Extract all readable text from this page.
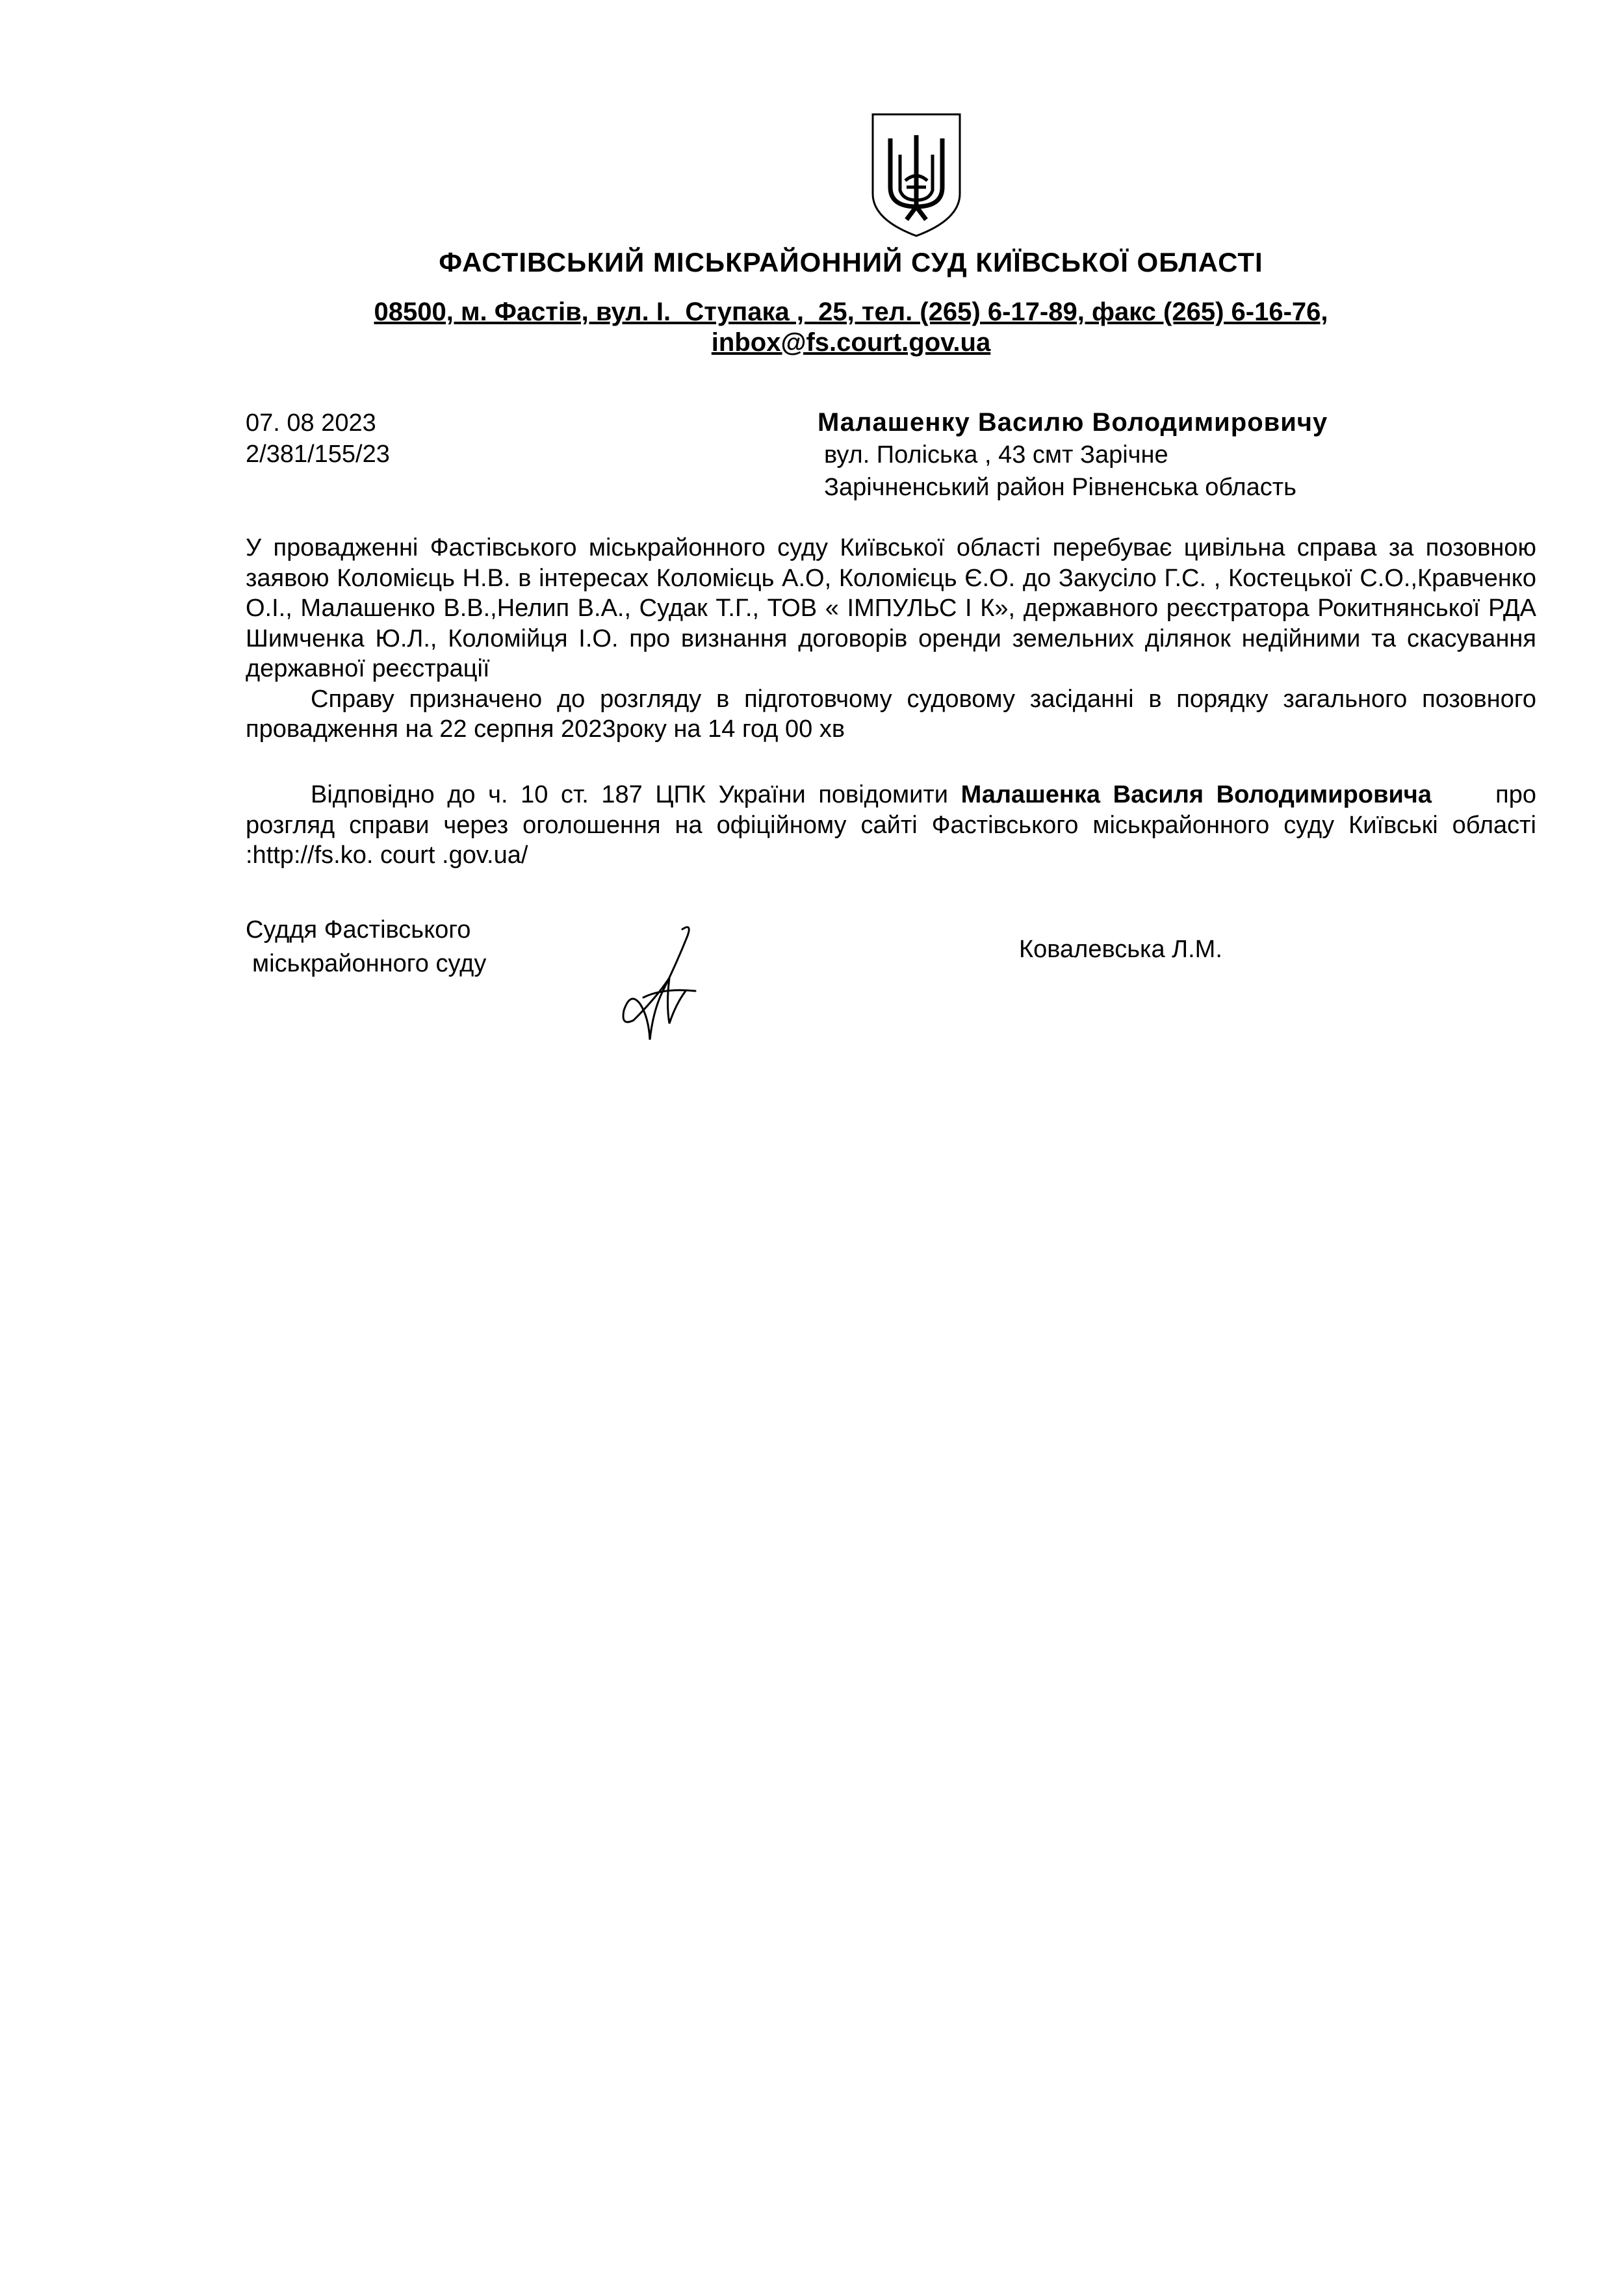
ФАСТІВСЬКИЙ МІСЬКРАЙОННИЙ СУД КИЇВСЬКОЇ ОБЛАСТІ
08500, м. Фастів, вул. І.  Ступака ,  25, тел. (265) 6-17-89, факс (265) 6-16-76,
inbox@fs.court.gov.ua
07. 08 2023
2/381/155/23
Малашенку Василю Володимировичу
вул. Поліська , 43 смт Зарічне
Зарічненський район Рівненська область

У провадженні Фастівського міськрайонного суду Київської області перебуває цивільна справа за позовною заявою Коломієць Н.В. в інтересах Коломієць А.О, Коломієць Є.О. до Закусіло Г.С. , Костецької С.О.,Кравченко О.І., Малашенко В.В.,Нелип В.А., Судак Т.Г., ТОВ « ІМПУЛЬС І К», державного реєстратора Рокитнянської РДА Шимченка Ю.Л., Коломійця І.О. про визнання договорів оренди земельних ділянок недійними та скасування державної реєстрації

Справу призначено до розгляду в підготовчому судовому засіданні в порядку загального позовного провадження на 22 серпня 2023року на 14 год 00 хв

Відповідно до ч. 10 ст. 187 ЦПК України повідомити Малашенка Василя Володимировича	про розгляд справи через оголошення на офіційному сайті Фастівського міськрайонного суду Київські області :http://fs.ko. court .gov.ua/

Суддя Фастівського
міськрайонного суду
Ковалевська Л.М.
